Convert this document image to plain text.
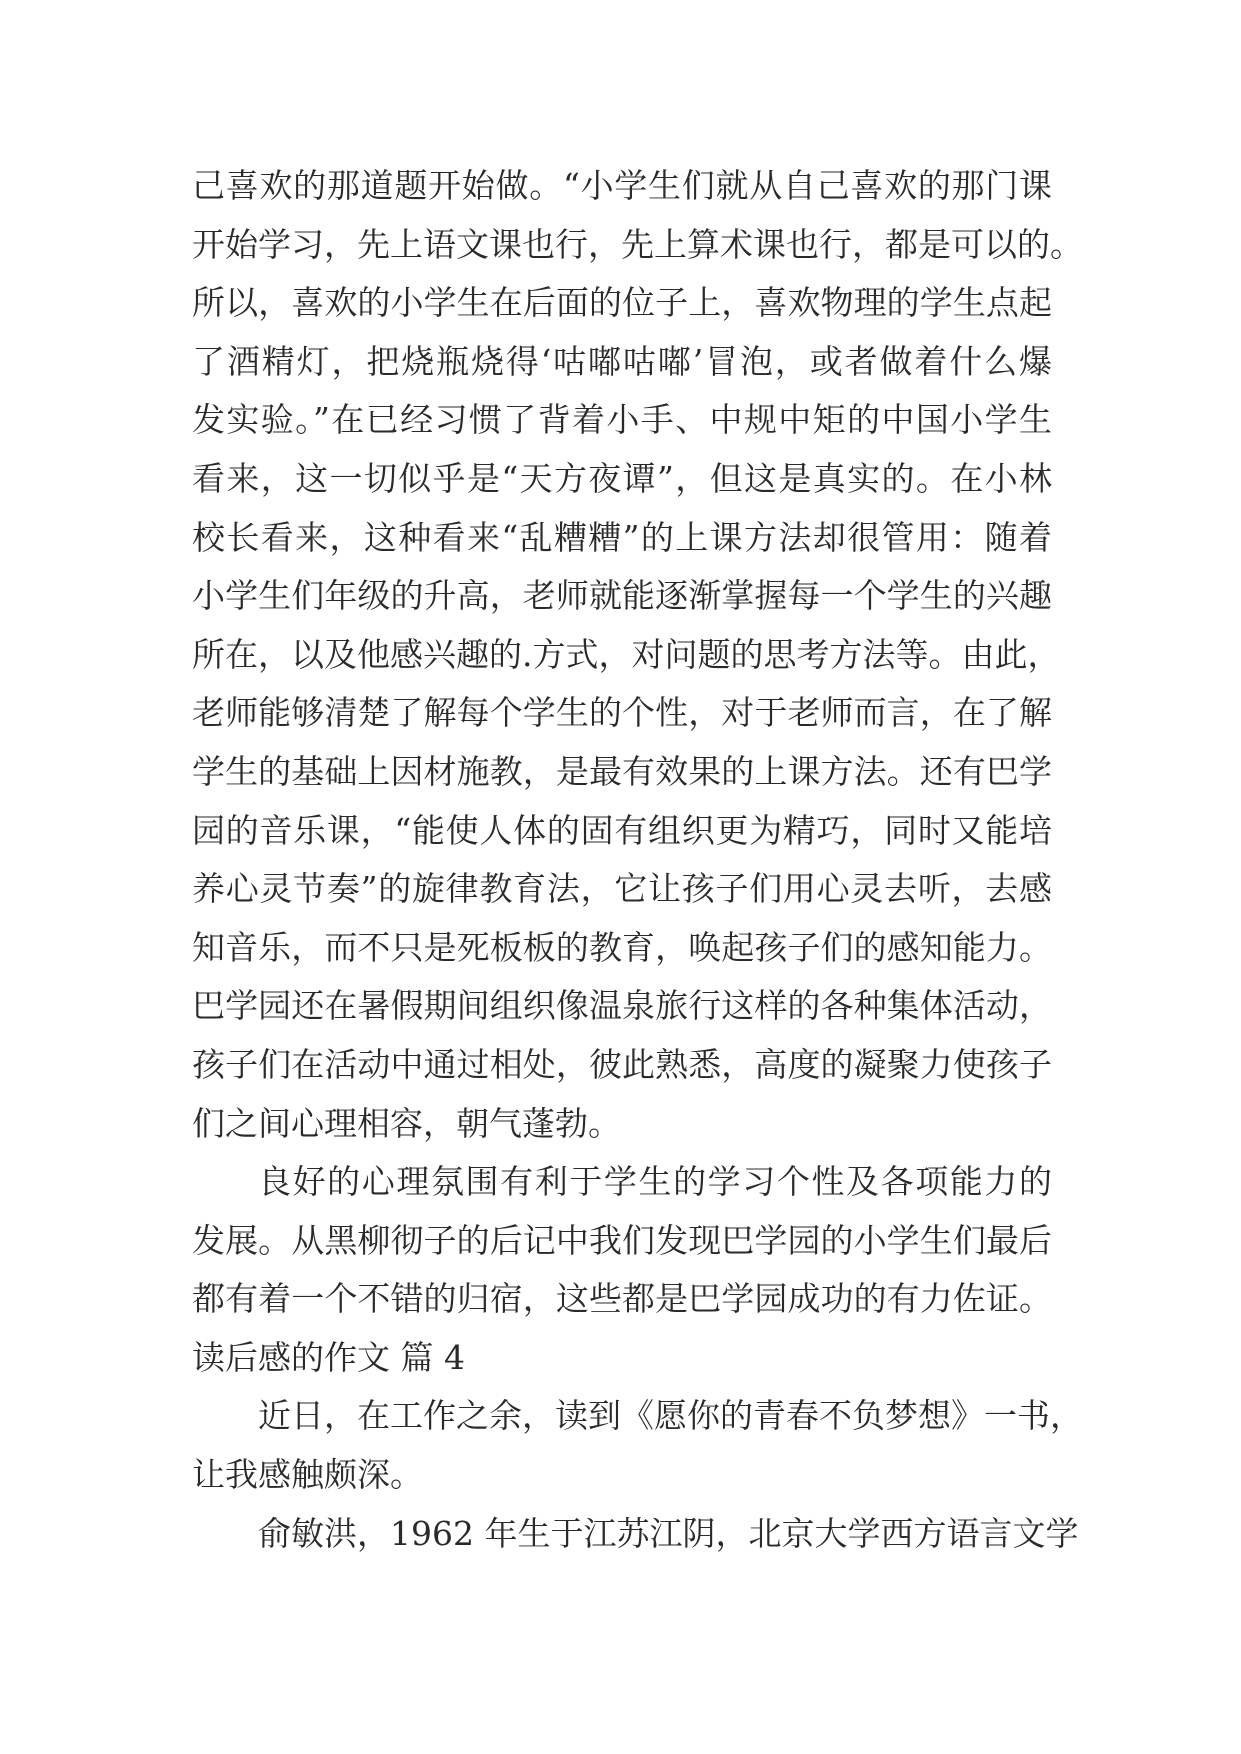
己喜欢的那道题开始做。“小学生们就从自己喜欢的那门课
开始学习，先上语文课也行，先上算术课也行，都是可以的。
所以，喜欢的小学生在后面的位子上，喜欢物理的学生点起
了酒精灯，把烧瓶烧得‘咕嘟咕嘟’冒泡，或者做着什么爆
发实验。”在已经习惯了背着小手、中规中矩的中国小学生
看来，这一切似乎是“天方夜谭”，但这是真实的。在小林
校长看来，这种看来“乱糟糟”的上课方法却很管用：随着
小学生们年级的升高，老师就能逐渐掌握每一个学生的兴趣
所在，以及他感兴趣的.方式，对问题的思考方法等。由此，
老师能够清楚了解每个学生的个性，对于老师而言，在了解
学生的基础上因材施教，是最有效果的上课方法。还有巴学
园的音乐课，“能使人体的固有组织更为精巧，同时又能培
养心灵节奏”的旋律教育法，它让孩子们用心灵去听，去感
知音乐，而不只是死板板的教育，唤起孩子们的感知能力。
巴学园还在暑假期间组织像温泉旅行这样的各种集体活动，
孩子们在活动中通过相处，彼此熟悉，高度的凝聚力使孩子
们之间心理相容，朝气蓬勃。
良好的心理氛围有利于学生的学习个性及各项能力的
发展。从黑柳彻子的后记中我们发现巴学园的小学生们最后
都有着一个不错的归宿，这些都是巴学园成功的有力佐证。
读后感的作文 篇 4
近日，在工作之余，读到《愿你的青春不负梦想》一书，
让我感触颇深。
俞敏洪，1962 年生于江苏江阴，北京大学西方语言文学
